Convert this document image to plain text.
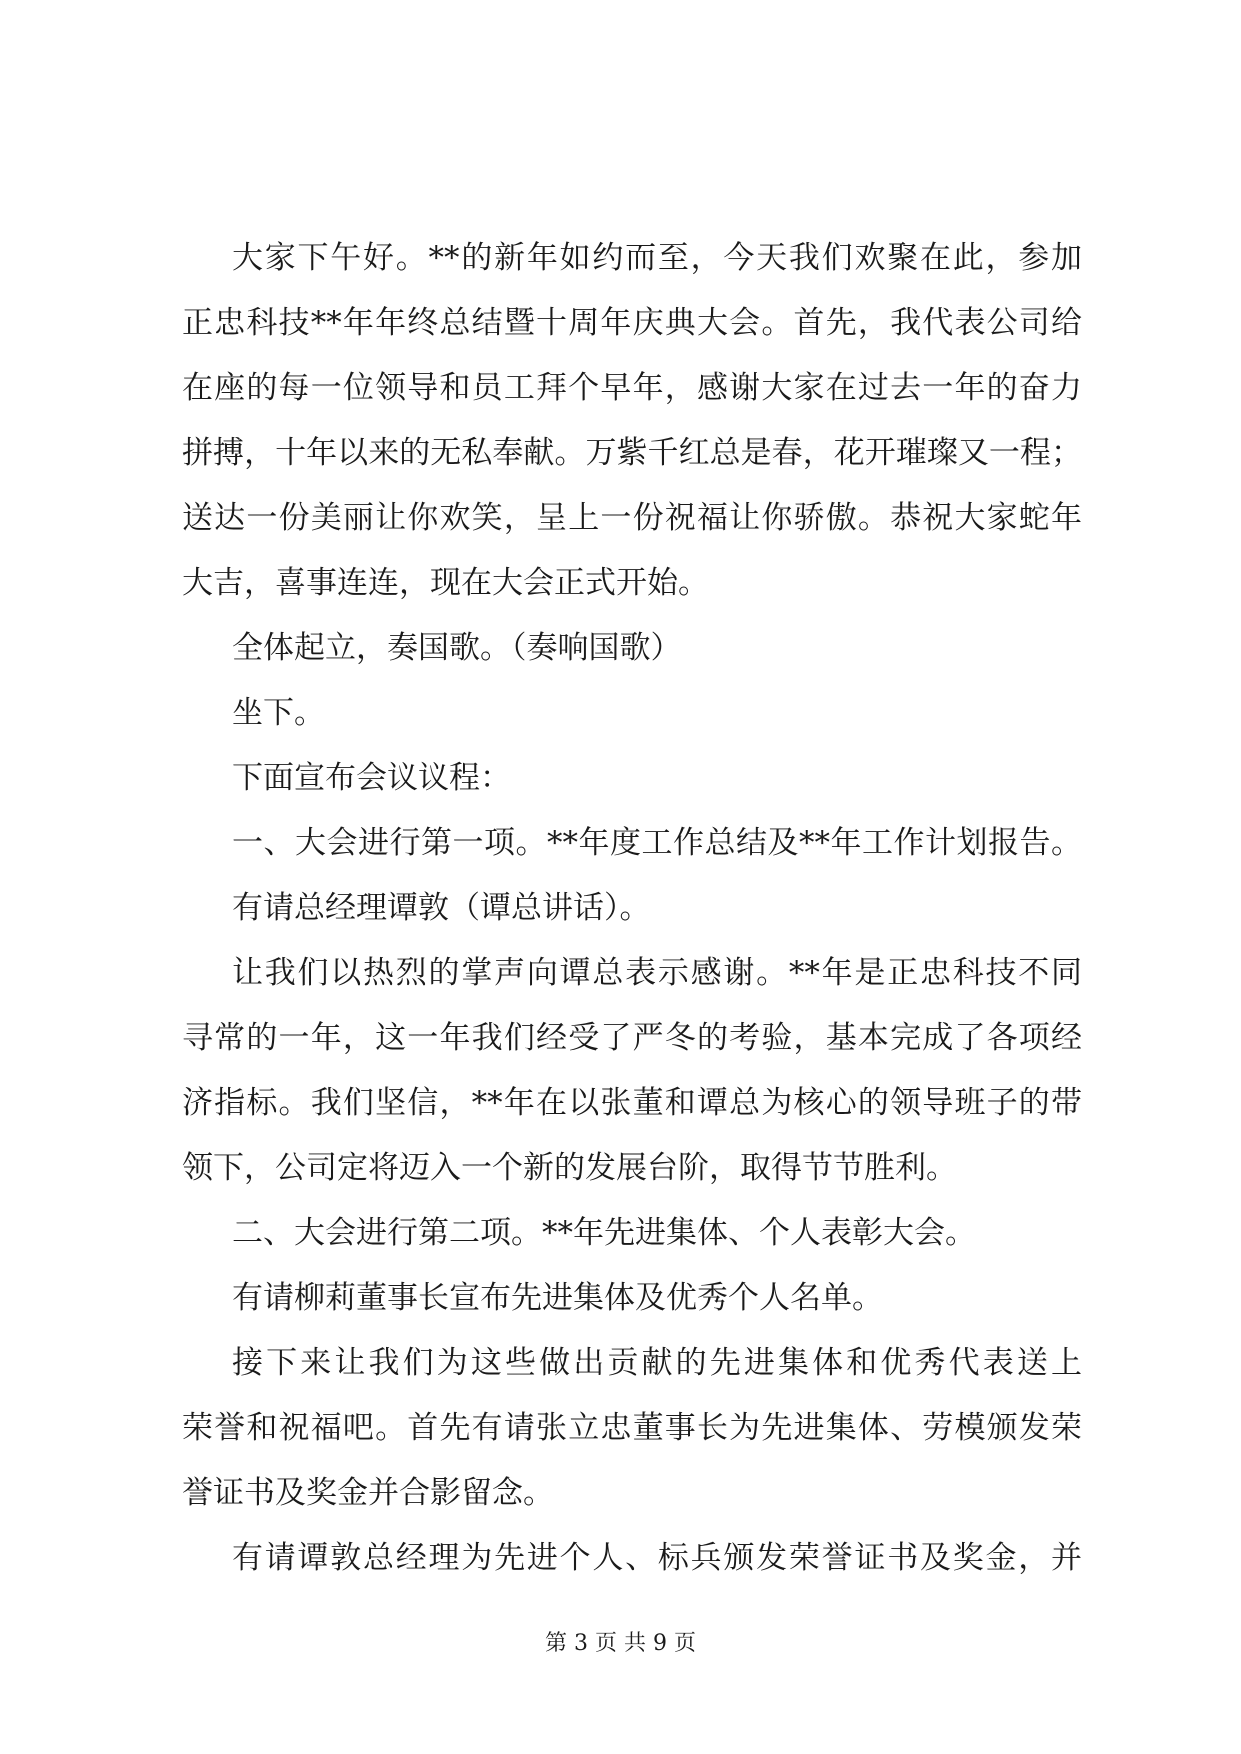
大家下午好。**的新年如约而至，今天我们欢聚在此，参加
正忠科技**年年终总结暨十周年庆典大会。首先，我代表公司给
在座的每一位领导和员工拜个早年，感谢大家在过去一年的奋力
拼搏，十年以来的无私奉献。万紫千红总是春，花开璀璨又一程；
送达一份美丽让你欢笑，呈上一份祝福让你骄傲。恭祝大家蛇年
大吉，喜事连连，现在大会正式开始。
全体起立，奏国歌。（奏响国歌）
坐下。
下面宣布会议议程：
一、大会进行第一项。**年度工作总结及**年工作计划报告。
有请总经理谭敦（谭总讲话）。
让我们以热烈的掌声向谭总表示感谢。**年是正忠科技不同
寻常的一年，这一年我们经受了严冬的考验，基本完成了各项经
济指标。我们坚信，**年在以张董和谭总为核心的领导班子的带
领下，公司定将迈入一个新的发展台阶，取得节节胜利。
二、大会进行第二项。**年先进集体、个人表彰大会。
有请柳莉董事长宣布先进集体及优秀个人名单。
接下来让我们为这些做出贡献的先进集体和优秀代表送上
荣誉和祝福吧。首先有请张立忠董事长为先进集体、劳模颁发荣
誉证书及奖金并合影留念。
有请谭敦总经理为先进个人、标兵颁发荣誉证书及奖金，并
第 3 页 共 9 页
